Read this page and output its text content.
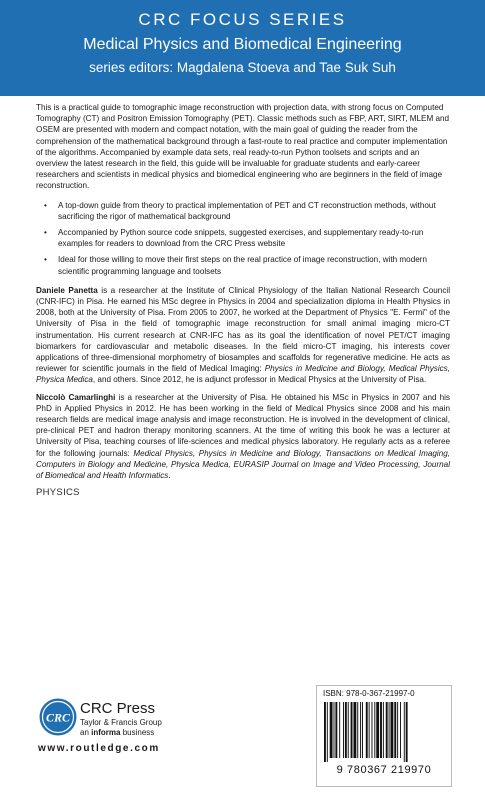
CRC FOCUS SERIES
Medical Physics and Biomedical Engineering
series editors: Magdalena Stoeva and Tae Suk Suh

This is a practical guide to tomographic image reconstruction with projection data, with strong focus on Computed Tomography (CT) and Positron Emission Tomography (PET). Classic methods such as FBP, ART, SIRT, MLEM and OSEM are presented with modern and compact notation, with the main goal of guiding the reader from the comprehension of the mathematical background through a fast-route to real practice and computer implementation of the algorithms. Accompanied by example data sets, real ready-to-run Python toolsets and scripts and an overview the latest research in the field, this guide will be invaluable for graduate students and early-career researchers and scientists in medical physics and biomedical engineering who are beginners in the field of image reconstruction.

• A top-down guide from theory to practical implementation of PET and CT reconstruction methods, without sacrificing the rigor of mathematical background
• Accompanied by Python source code snippets, suggested exercises, and supplementary ready-to-run examples for readers to download from the CRC Press website
• Ideal for those willing to move their first steps on the real practice of image reconstruction, with modern scientific programming language and toolsets

Daniele Panetta is a researcher at the Institute of Clinical Physiology of the Italian National Research Council (CNR-IFC) in Pisa. He earned his MSc degree in Physics in 2004 and specialization diploma in Health Physics in 2008, both at the University of Pisa. From 2005 to 2007, he worked at the Department of Physics "E. Fermi" of the University of Pisa in the field of tomographic image reconstruction for small animal imaging micro-CT instrumentation. His current research at CNR-IFC has as its goal the identification of novel PET/CT imaging biomarkers for cardiovascular and metabolic diseases. In the field micro-CT imaging, his interests cover applications of three-dimensional morphometry of biosamples and scaffolds for regenerative medicine. He acts as reviewer for scientific journals in the field of Medical Imaging: Physics in Medicine and Biology, Medical Physics, Physica Medica, and others. Since 2012, he is adjunct professor in Medical Physics at the University of Pisa.

Niccolò Camarlinghi is a researcher at the University of Pisa. He obtained his MSc in Physics in 2007 and his PhD in Applied Physics in 2012. He has been working in the field of Medical Physics since 2008 and his main research fields are medical image analysis and image reconstruction. He is involved in the development of clinical, pre-clinical PET and hadron therapy monitoring scanners. At the time of writing this book he was a lecturer at University of Pisa, teaching courses of life-sciences and medical physics laboratory. He regularly acts as a referee for the following journals: Medical Physics, Physics in Medicine and Biology, Transactions on Medical Imaging, Computers in Biology and Medicine, Physica Medica, EURASIP Journal on Image and Video Processing, Journal of Biomedical and Health Informatics.

PHYSICS
CRC
CRC Press
Taylor & Francis Group
an informa business
www.routledge.com
ISBN: 978-0-367-21997-0
9 780367 219970
